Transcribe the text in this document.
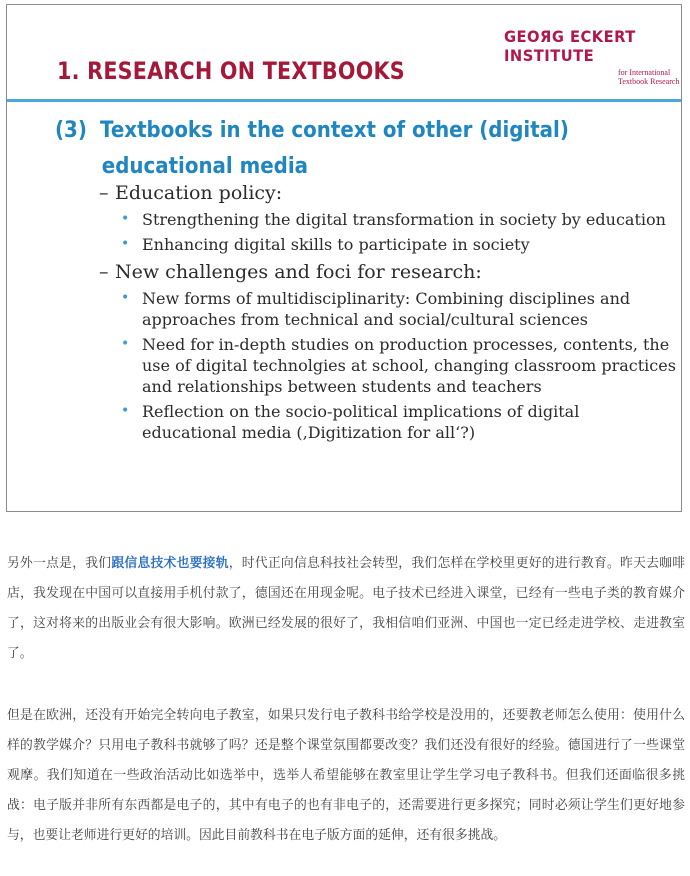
1. RESEARCH ON TEXTBOOKS
GEOЯG ECKERT
INSTITUTE
for International
Textbook Research
(3) Textbooks in the context of other (digital)
educational media

– Education policy:

• Strengthening the digital transformation in society by education
• Enhancing digital skills to participate in society

– New challenges and foci for research:

• New forms of multidisciplinarity: Combining disciplines and approaches from technical and social/cultural sciences
• Need for in-depth studies on production processes, contents, the use of digital technolgies at school, changing classroom practices and relationships between students and teachers
• Reflection on the socio-political implications of digital educational media (‚Digitization for all‘?)

另外一点是，我们跟信息技术也要接轨，时代正向信息科技社会转型，我们怎样在学校里更好的进行教育。昨天去咖啡店，我发现在中国可以直接用手机付款了，德国还在用现金呢。电子技术已经进入课堂，已经有一些电子类的教育媒介了，这对将来的出版业会有很大影响。欧洲已经发展的很好了，我相信咱们亚洲、中国也一定已经走进学校、走进教室了。

但是在欧洲，还没有开始完全转向电子教室，如果只发行电子教科书给学校是没用的，还要教老师怎么使用：使用什么样的教学媒介？只用电子教科书就够了吗？还是整个课堂氛围都要改变？我们还没有很好的经验。德国进行了一些课堂观摩。我们知道在一些政治活动比如选举中，选举人希望能够在教室里让学生学习电子教科书。但我们还面临很多挑战：电子版并非所有东西都是电子的，其中有电子的也有非电子的，还需要进行更多探究；同时必须让学生们更好地参与，也要让老师进行更好的培训。因此目前教科书在电子版方面的延伸，还有很多挑战。
